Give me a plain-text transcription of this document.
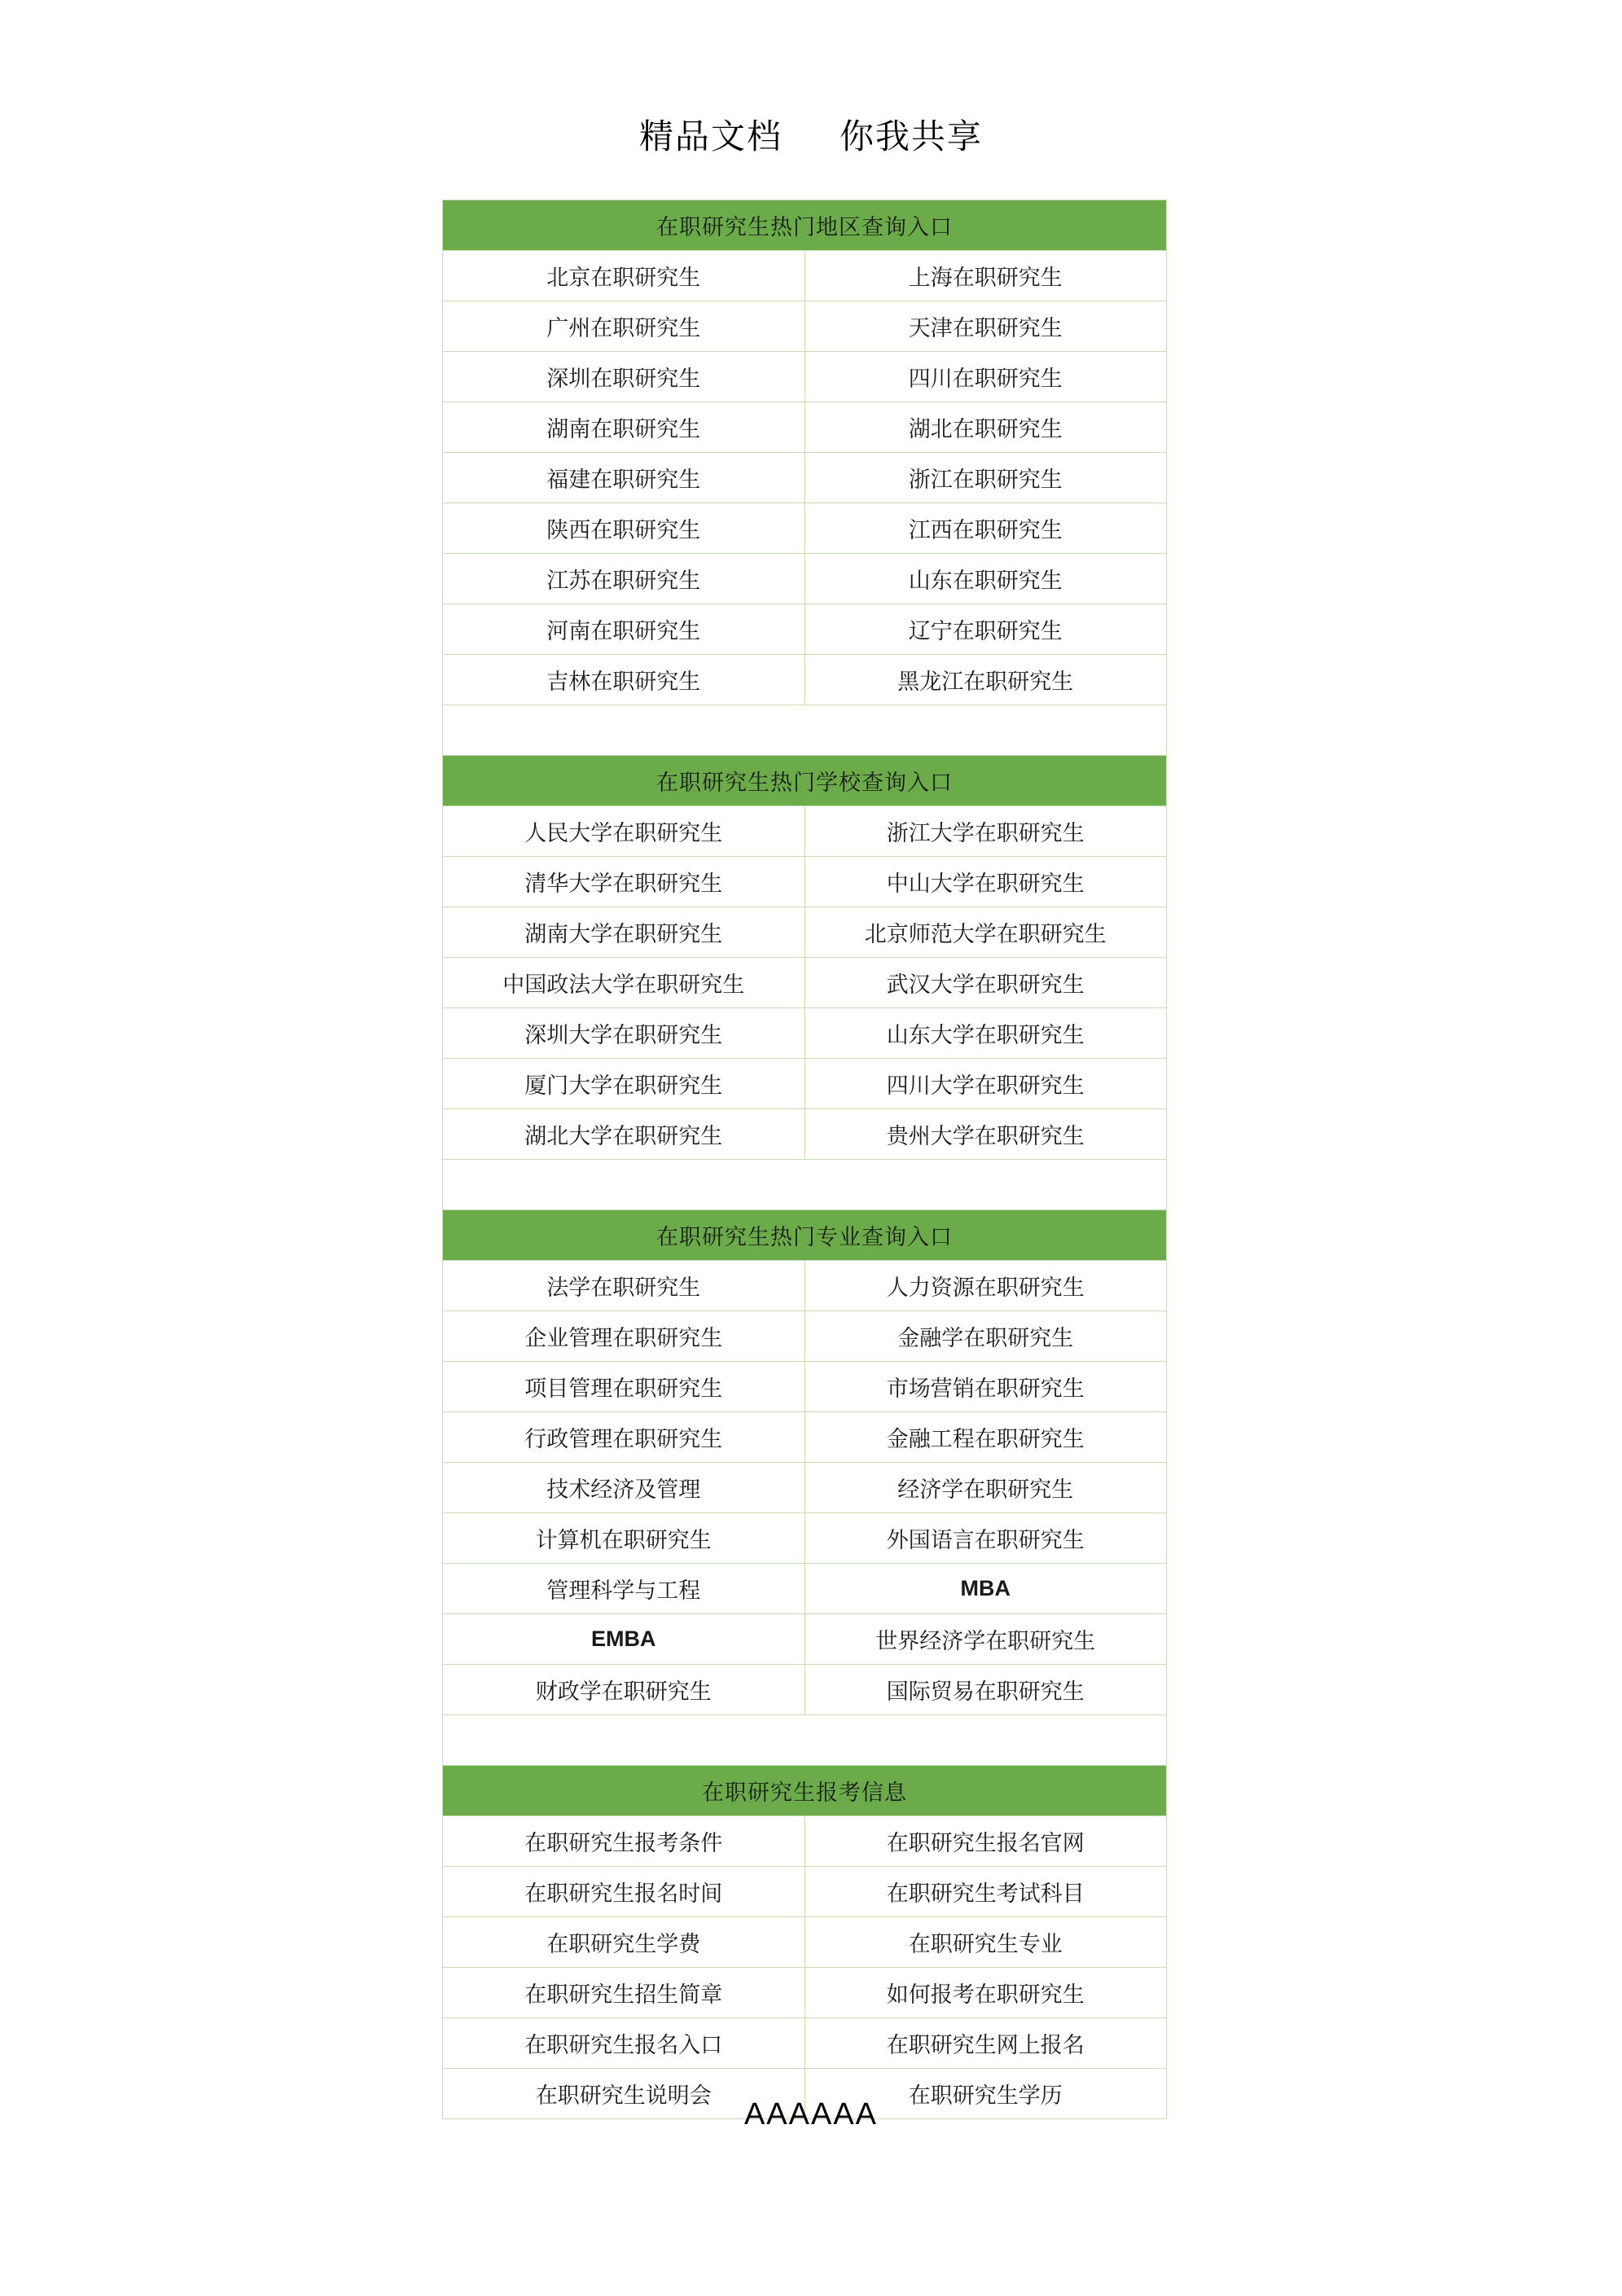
精品文档 你我共享
在职研究生热门地区查询入口	
北京在职研究生	上海在职研究生
广州在职研究生	天津在职研究生
深圳在职研究生	四川在职研究生
湖南在职研究生	湖北在职研究生
福建在职研究生	浙江在职研究生
陕西在职研究生	江西在职研究生
江苏在职研究生	山东在职研究生
河南在职研究生	辽宁在职研究生
吉林在职研究生	黑龙江在职研究生

在职研究生热门学校查询入口	
人民大学在职研究生	浙江大学在职研究生
清华大学在职研究生	中山大学在职研究生
湖南大学在职研究生	北京师范大学在职研究生
中国政法大学在职研究生	武汉大学在职研究生
深圳大学在职研究生	山东大学在职研究生
厦门大学在职研究生	四川大学在职研究生
湖北大学在职研究生	贵州大学在职研究生

在职研究生热门专业查询入口	
法学在职研究生	人力资源在职研究生
企业管理在职研究生	金融学在职研究生
项目管理在职研究生	市场营销在职研究生
行政管理在职研究生	金融工程在职研究生
技术经济及管理	经济学在职研究生
计算机在职研究生	外国语言在职研究生
管理科学与工程	MBA
EMBA	世界经济学在职研究生
财政学在职研究生	国际贸易在职研究生

在职研究生报考信息	
在职研究生报考条件	在职研究生报名官网
在职研究生报名时间	在职研究生考试科目
在职研究生学费	在职研究生专业
在职研究生招生简章	如何报考在职研究生
在职研究生报名入口	在职研究生网上报名
在职研究生说明会	在职研究生学历
AAAAAA
